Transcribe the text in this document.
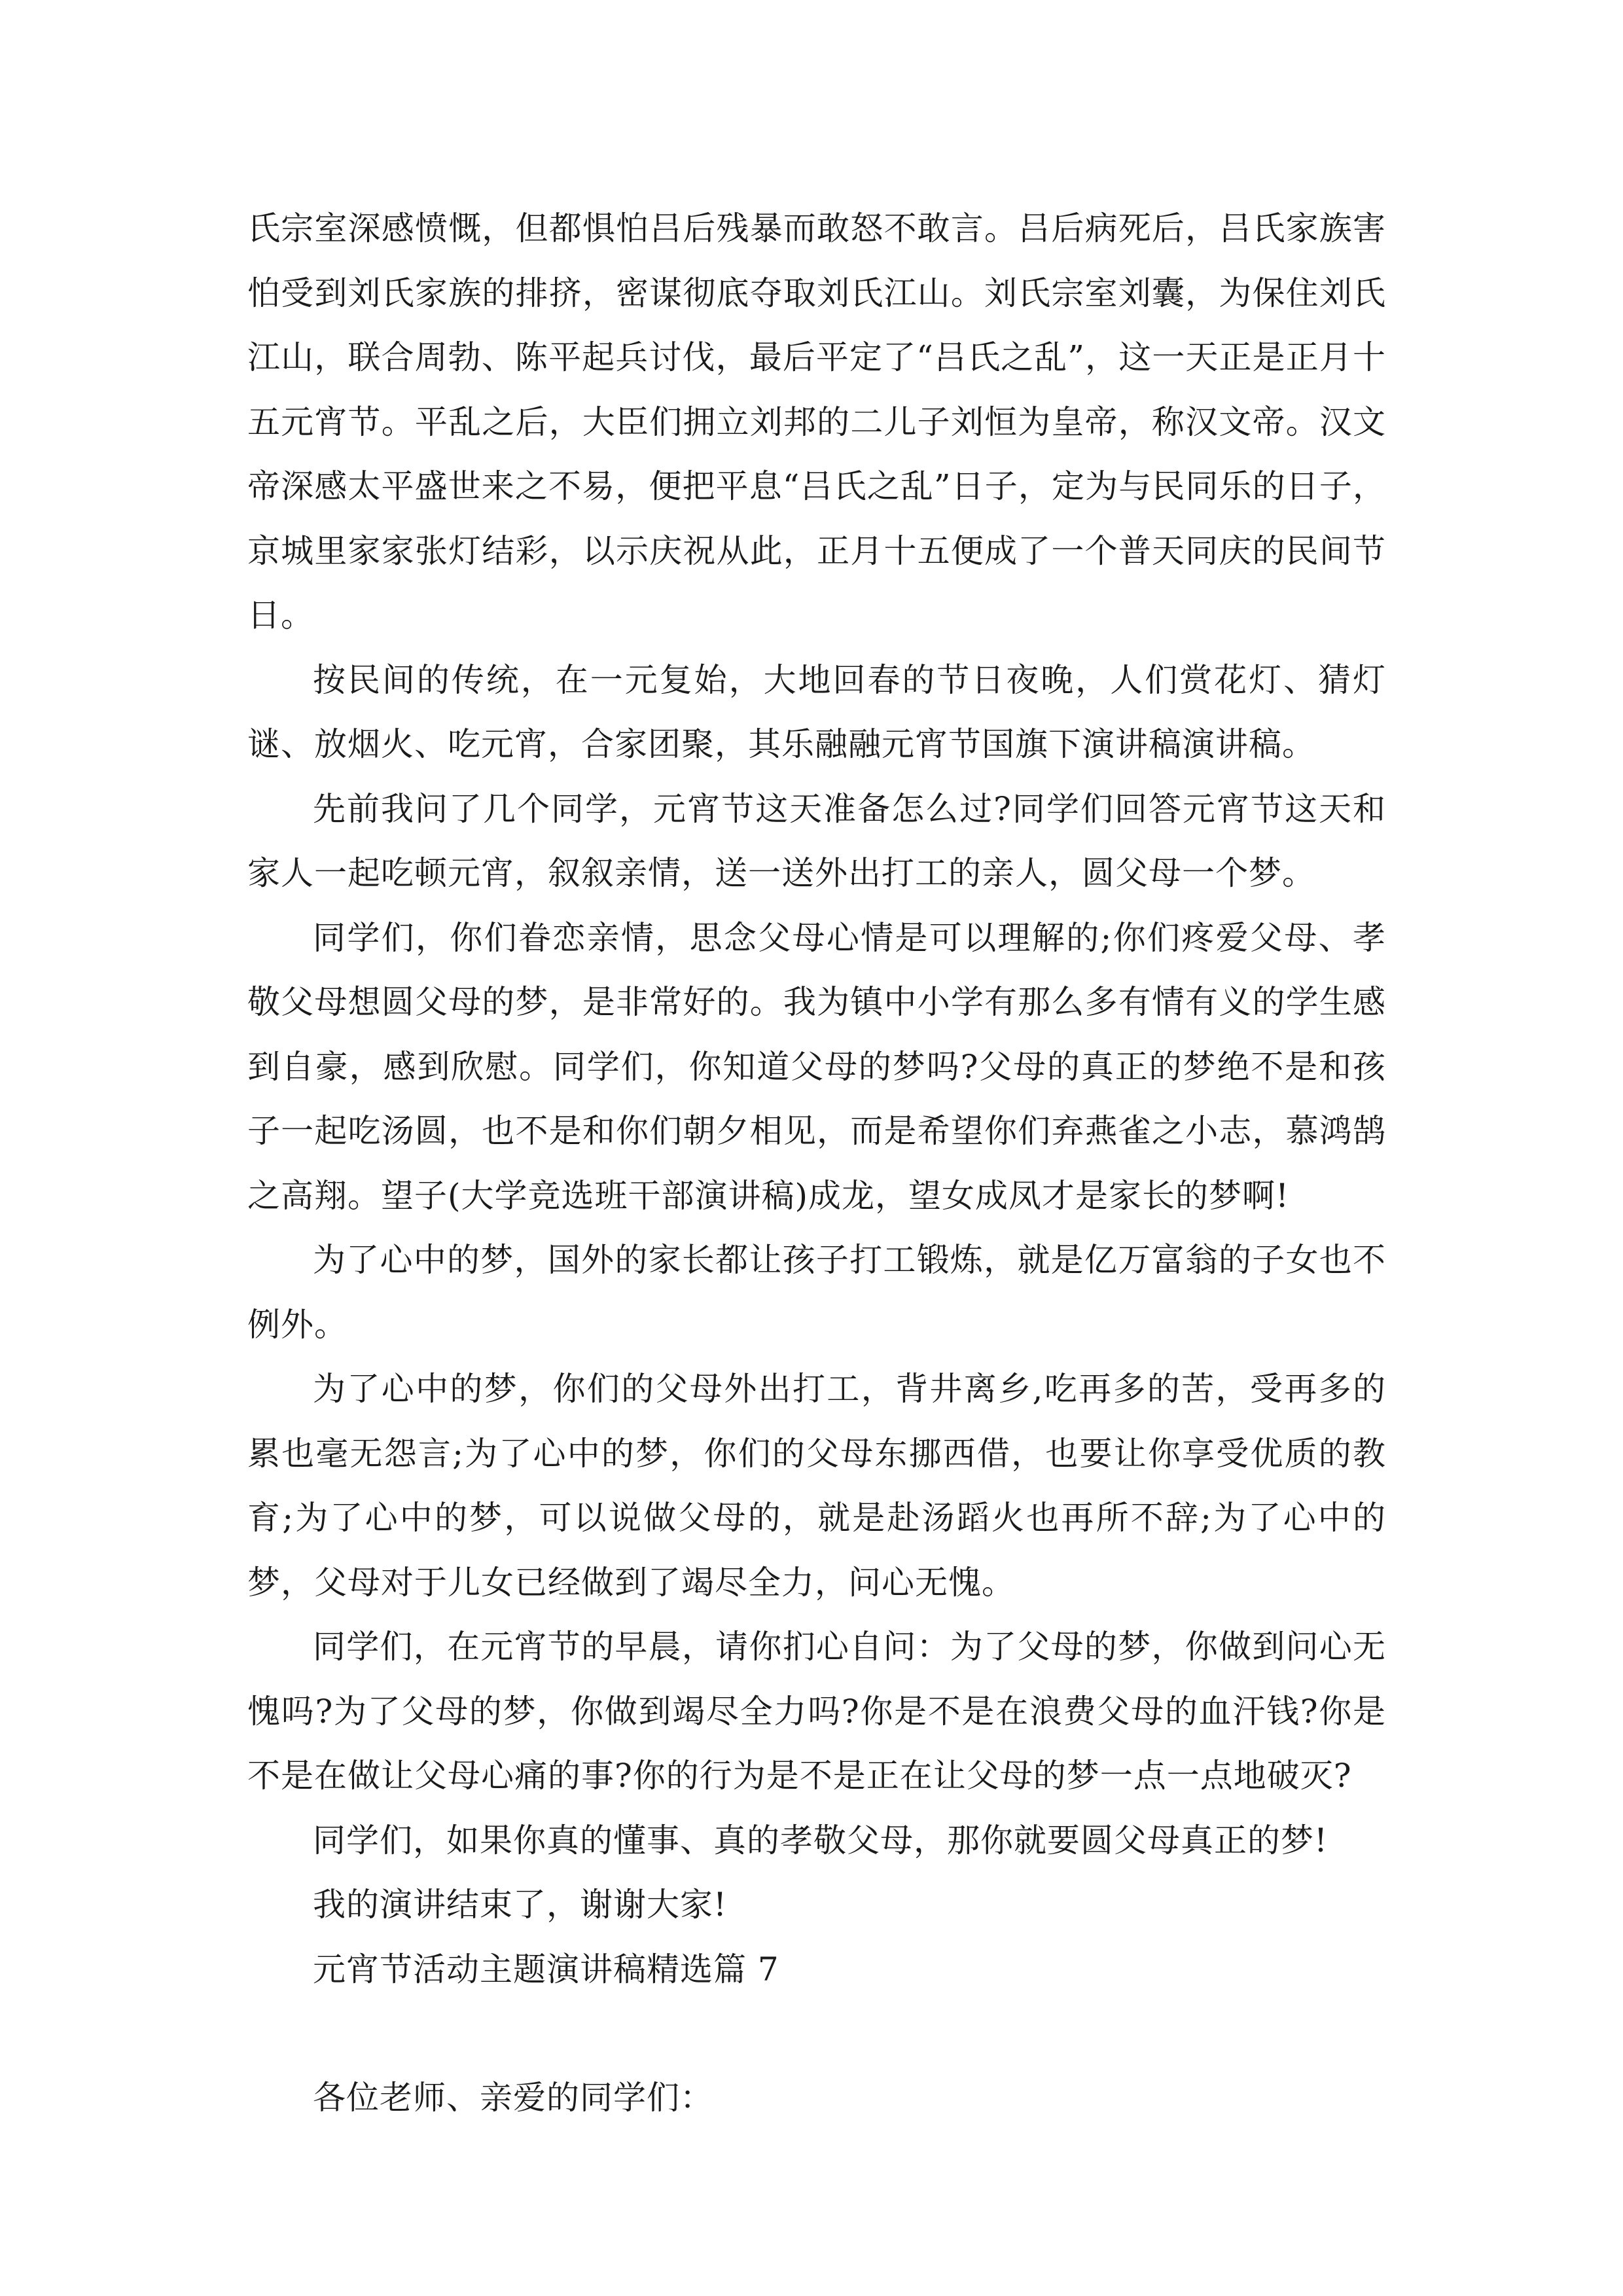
氏宗室深感愤慨，但都惧怕吕后残暴而敢怒不敢言。吕后病死后，吕氏家族害怕受到刘氏家族的排挤，密谋彻底夺取刘氏江山。刘氏宗室刘囊，为保住刘氏江山，联合周勃、陈平起兵讨伐，最后平定了“吕氏之乱”，这一天正是正月十五元宵节。平乱之后，大臣们拥立刘邦的二儿子刘恒为皇帝，称汉文帝。汉文帝深感太平盛世来之不易，便把平息“吕氏之乱”日子，定为与民同乐的日子，京城里家家张灯结彩，以示庆祝从此，正月十五便成了一个普天同庆的民间节日。

按民间的传统，在一元复始，大地回春的节日夜晚，人们赏花灯、猜灯谜、放烟火、吃元宵，合家团聚，其乐融融元宵节国旗下演讲稿演讲稿。

先前我问了几个同学，元宵节这天准备怎么过?同学们回答元宵节这天和家人一起吃顿元宵，叙叙亲情，送一送外出打工的亲人，圆父母一个梦。

同学们，你们眷恋亲情，思念父母心情是可以理解的;你们疼爱父母、孝敬父母想圆父母的梦，是非常好的。我为镇中小学有那么多有情有义的学生感到自豪，感到欣慰。同学们，你知道父母的梦吗?父母的真正的梦绝不是和孩子一起吃汤圆，也不是和你们朝夕相见，而是希望你们弃燕雀之小志，慕鸿鹄之高翔。望子(大学竞选班干部演讲稿)成龙，望女成凤才是家长的梦啊!

为了心中的梦，国外的家长都让孩子打工锻炼，就是亿万富翁的子女也不例外。

为了心中的梦，你们的父母外出打工，背井离乡,吃再多的苦，受再多的累也毫无怨言;为了心中的梦，你们的父母东挪西借，也要让你享受优质的教育;为了心中的梦，可以说做父母的，就是赴汤蹈火也再所不辞;为了心中的梦，父母对于儿女已经做到了竭尽全力，问心无愧。

同学们，在元宵节的早晨，请你扪心自问：为了父母的梦，你做到问心无愧吗?为了父母的梦，你做到竭尽全力吗?你是不是在浪费父母的血汗钱?你是不是在做让父母心痛的事?你的行为是不是正在让父母的梦一点一点地破灭?

同学们，如果你真的懂事、真的孝敬父母，那你就要圆父母真正的梦!

我的演讲结束了，谢谢大家!

元宵节活动主题演讲稿精选篇 7

各位老师、亲爱的同学们：
